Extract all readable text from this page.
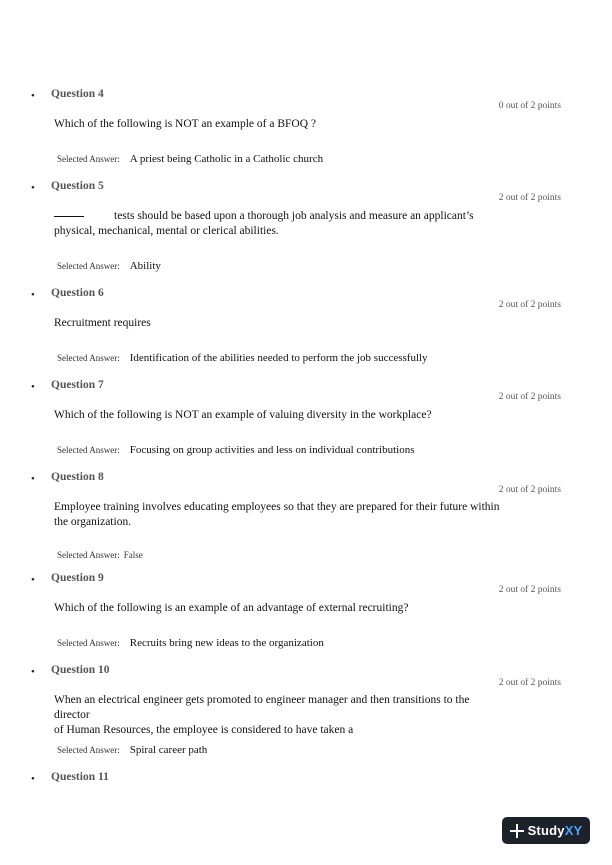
• Question 4
0 out of 2 points
Which of the following is NOT an example of a BFOQ ?
Selected Answer: A priest being Catholic in a Catholic church
• Question 5
2 out of 2 points
tests should be based upon a thorough job analysis and measure an applicant’s
physical, mechanical, mental or clerical abilities.
Selected Answer: Ability
• Question 6
2 out of 2 points
Recruitment requires
Selected Answer: Identification of the abilities needed to perform the job successfully
• Question 7
2 out of 2 points
Which of the following is NOT an example of valuing diversity in the workplace?
Selected Answer: Focusing on group activities and less on individual contributions
• Question 8
2 out of 2 points
Employee training involves educating employees so that they are prepared for their future within
the organization.
Selected Answer: False
• Question 9
2 out of 2 points
Which of the following is an example of an advantage of external recruiting?
Selected Answer: Recruits bring new ideas to the organization
• Question 10
2 out of 2 points
When an electrical engineer gets promoted to engineer manager and then transitions to the director
of Human Resources, the employee is considered to have taken a
Selected Answer: Spiral career path
• Question 11
StudyXY
